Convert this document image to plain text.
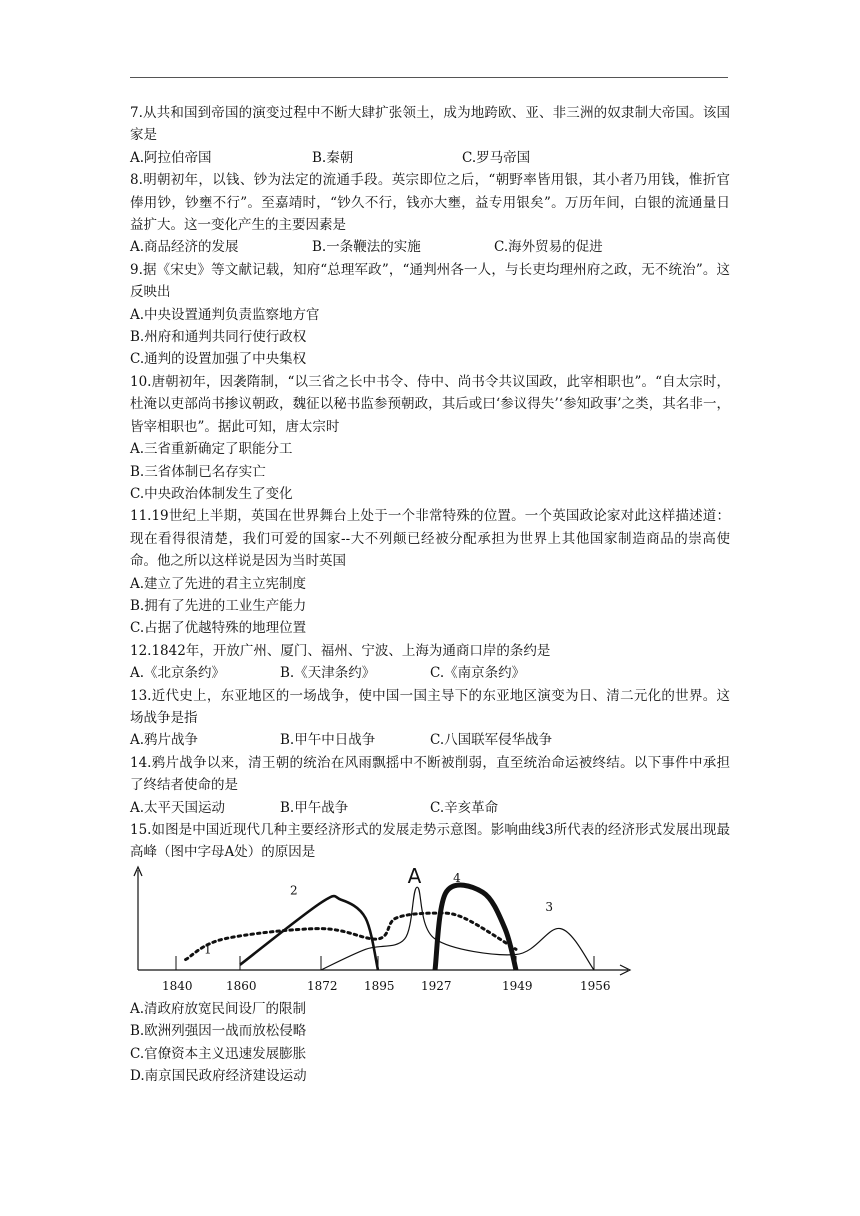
7.从共和国到帝国的演变过程中不断大肆扩张领土，成为地跨欧、亚、非三洲的奴隶制大帝国。该国家是

A.阿拉伯帝国	B.秦朝	C.罗马帝国

8.明朝初年，以钱、钞为法定的流通手段。英宗即位之后，“朝野率皆用银，其小者乃用钱，惟折官俸用钞，钞壅不行”。至嘉靖时，“钞久不行，钱亦大壅，益专用银矣”。万历年间，白银的流通量日益扩大。这一变化产生的主要因素是

A.商品经济的发展	B.一条鞭法的实施	C.海外贸易的促进

9.据《宋史》等文献记载，知府“总理军政”，“通判州各一人，与长吏均理州府之政，无不统治”。这反映出

A.中央设置通判负责监察地方官

B.州府和通判共同行使行政权

C.通判的设置加强了中央集权

10.唐朝初年，因袭隋制，“以三省之长中书令、侍中、尚书令共议国政，此宰相职也”。“自太宗时，杜淹以吏部尚书掺议朝政，魏征以秘书监参预朝政，其后或曰‘参议得失’‘参知政事’之类，其名非一，皆宰相职也”。据此可知，唐太宗时

A.三省重新确定了职能分工

B.三省体制已名存实亡

C.中央政治体制发生了变化

11.19世纪上半期，英国在世界舞台上处于一个非常特殊的位置。一个英国政论家对此这样描述道：现在看得很清楚，我们可爱的国家--大不列颠已经被分配承担为世界上其他国家制造商品的崇高使命。他之所以这样说是因为当时英国

A.建立了先进的君主立宪制度

B.拥有了先进的工业生产能力

C.占据了优越特殊的地理位置

12.1842年，开放广州、厦门、福州、宁波、上海为通商口岸的条约是

A.《北京条约》	B.《天津条约》	C.《南京条约》

13.近代史上，东亚地区的一场战争，使中国一国主导下的东亚地区演变为日、清二元化的世界。这场战争是指

A.鸦片战争	B.甲午中日战争	C.八国联军侵华战争

14.鸦片战争以来，清王朝的统治在风雨飘摇中不断被削弱，直至统治命运被终结。以下事件中承担了终结者使命的是

A.太平天国运动	B.甲午战争	C.辛亥革命

15.如图是中国近现代几种主要经济形式的发展走势示意图。影响曲线3所代表的经济形式发展出现最高峰（图中字母A处）的原因是

1840	1860	1872 1895 1927	1949	1956
1
2
3
4
A

A.清政府放宽民间设厂的限制

B.欧洲列强因一战而放松侵略

C.官僚资本主义迅速发展膨胀

D.南京国民政府经济建设运动
